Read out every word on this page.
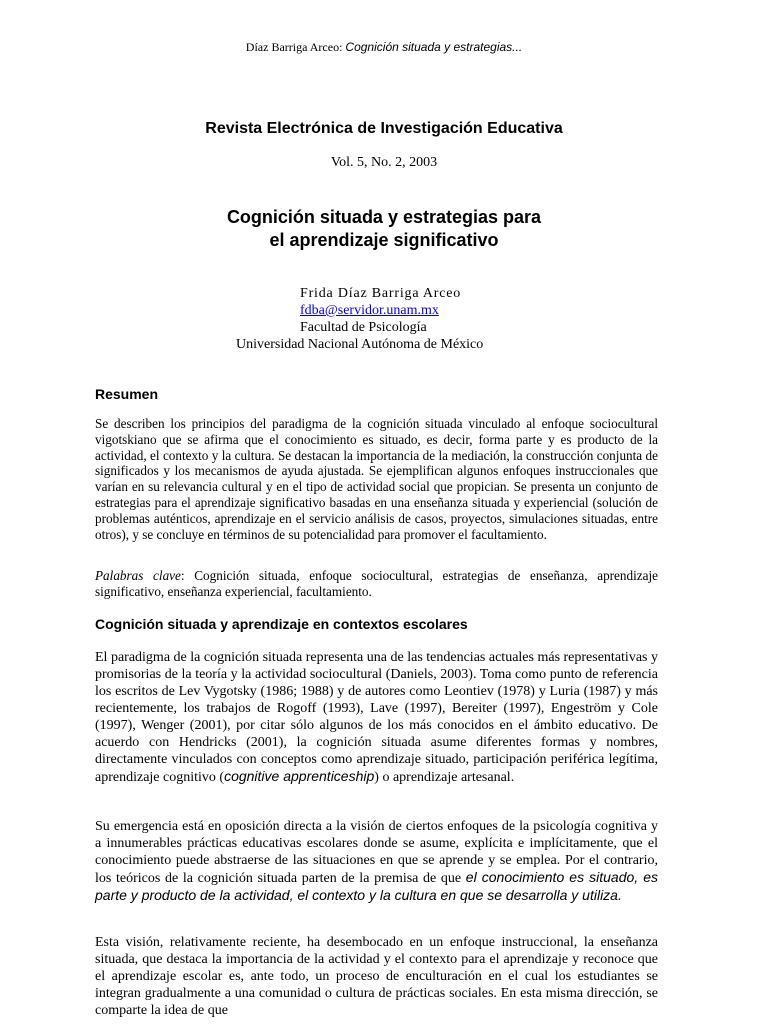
Díaz Barriga Arceo: Cognición situada y estrategias...
Revista Electrónica de Investigación Educativa
Vol. 5, No. 2, 2003
Cognición situada y estrategias para
el aprendizaje significativo
Frida Díaz Barriga Arceo
fdba@servidor.unam.mx
Facultad de Psicología
Universidad Nacional Autónoma de México
Resumen
Se describen los principios del paradigma de la cognición situada vinculado al enfoque sociocultural vigotskiano que se afirma que el conocimiento es situado, es decir, forma parte y es producto de la actividad, el contexto y la cultura. Se destacan la importancia de la mediación, la construcción conjunta de significados y los mecanismos de ayuda ajustada. Se ejemplifican algunos enfoques instruccionales que varían en su relevancia cultural y en el tipo de actividad social que propician. Se presenta un conjunto de estrategias para el aprendizaje significativo basadas en una enseñanza situada y experiencial (solución de problemas auténticos, aprendizaje en el servicio análisis de casos, proyectos, simulaciones situadas, entre otros), y se concluye en términos de su potencialidad para promover el facultamiento.
Palabras clave: Cognición situada, enfoque sociocultural, estrategias de enseñanza, aprendizaje significativo, enseñanza experiencial, facultamiento.
Cognición situada y aprendizaje en contextos escolares
El paradigma de la cognición situada representa una de las tendencias actuales más representativas y promisorias de la teoría y la actividad sociocultural (Daniels, 2003). Toma como punto de referencia los escritos de Lev Vygotsky (1986; 1988) y de autores como Leontiev (1978) y Luria (1987) y más recientemente, los trabajos de Rogoff (1993), Lave (1997), Bereiter (1997), Engeström y Cole (1997), Wenger (2001), por citar sólo algunos de los más conocidos en el ámbito educativo. De acuerdo con Hendricks (2001), la cognición situada asume diferentes formas y nombres, directamente vinculados con conceptos como aprendizaje situado, participación periférica legítima, aprendizaje cognitivo (cognitive apprenticeship) o aprendizaje artesanal.
Su emergencia está en oposición directa a la visión de ciertos enfoques de la psicología cognitiva y a innumerables prácticas educativas escolares donde se asume, explícita e implícitamente, que el conocimiento puede abstraerse de las situaciones en que se aprende y se emplea. Por el contrario, los teóricos de la cognición situada parten de la premisa de que el conocimiento es situado, es parte y producto de la actividad, el contexto y la cultura en que se desarrolla y utiliza.
Esta visión, relativamente reciente, ha desembocado en un enfoque instruccional, la enseñanza situada, que destaca la importancia de la actividad y el contexto para el aprendizaje y reconoce que el aprendizaje escolar es, ante todo, un proceso de enculturación en el cual los estudiantes se integran gradualmente a una comunidad o cultura de prácticas sociales. En esta misma dirección, se comparte la idea de que
